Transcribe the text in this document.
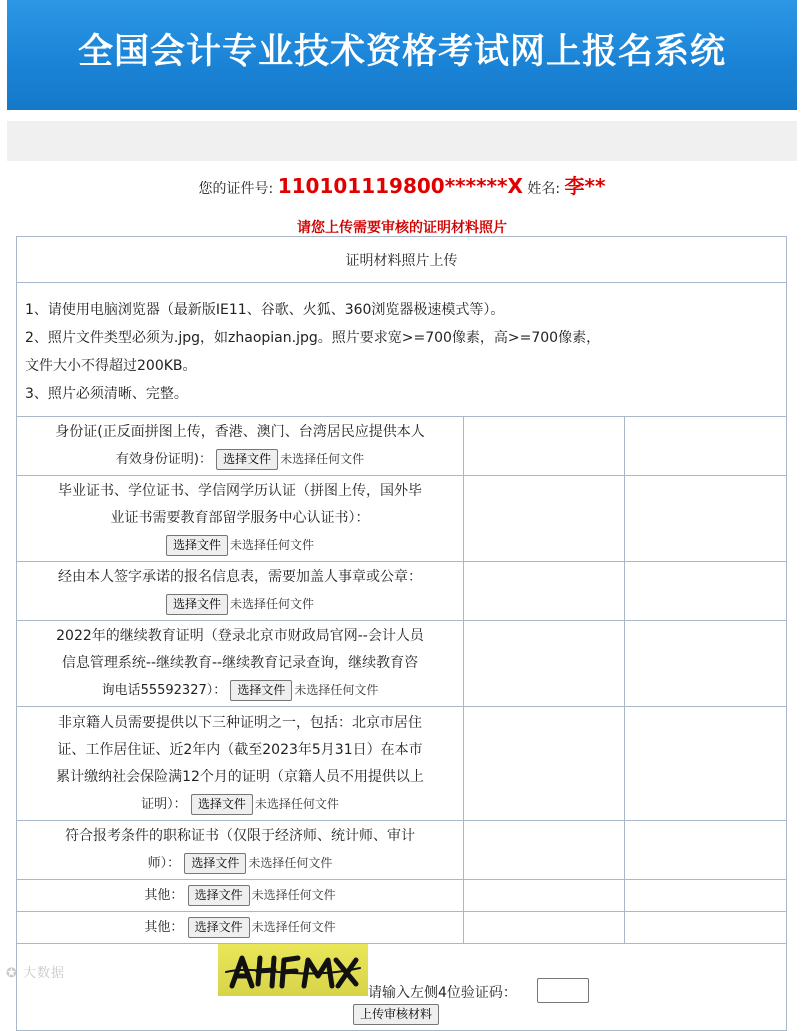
全国会计专业技术资格考试网上报名系统
您的证件号: 110101119800******X 姓名: 李**
请您上传需要审核的证明材料照片
证明材料照片上传		

1、请使用电脑浏览器（最新版IE11、谷歌、火狐、360浏览器极速模式等）。
2、照片文件类型必须为.jpg，如zhaopian.jpg。照片要求宽>=700像素，高>=700像素，
文件大小不得超过200KB。
3、照片必须清晰、完整。		

身份证(正反面拼图上传，香港、澳门、台湾居民应提供本人
有效身份证明)： 选择文件 未选择任何文件		

毕业证书、学位证书、学信网学历认证（拼图上传，国外毕
业证书需要教育部留学服务中心认证书）：
选择文件 未选择任何文件		

经由本人签字承诺的报名信息表，需要加盖人事章或公章：
选择文件 未选择任何文件		

2022年的继续教育证明（登录北京市财政局官网--会计人员
信息管理系统--继续教育--继续教育记录查询，继续教育咨
询电话55592327）： 选择文件 未选择任何文件		

非京籍人员需要提供以下三种证明之一，包括：北京市居住
证、工作居住证、近2年内（截至2023年5月31日）在本市
累计缴纳社会保险满12个月的证明（京籍人员不用提供以上
证明）： 选择文件 未选择任何文件		

符合报考条件的职称证书（仅限于经济师、统计师、审计
师）： 选择文件 未选择任何文件		

其他： 选择文件 未选择任何文件		

其他： 选择文件 未选择任何文件		

请输入左侧4位验证码：
上传审核材料		
✪ 大数据
